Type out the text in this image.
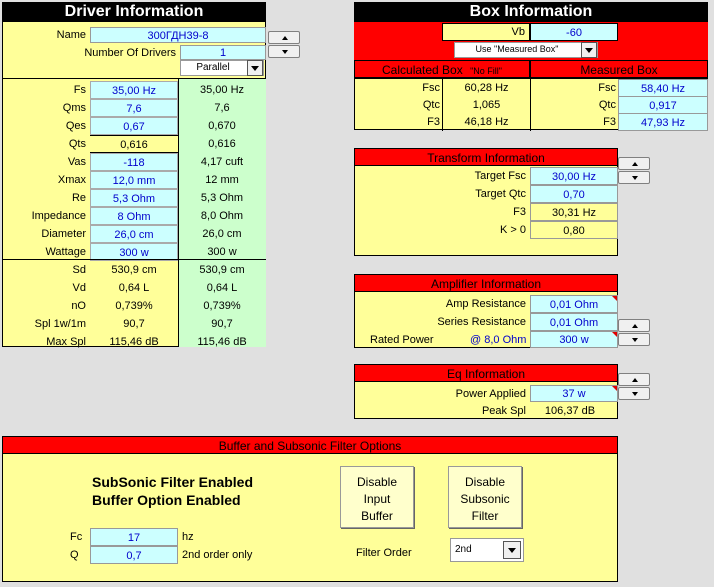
Driver Information
Name	300ГДН39-8
Number Of Drivers	1
Parallel
Fs	35,00 Hz	35,00 Hz
Qms	7,6	7,6
Qes	0,67	0,670
Qts	0,616	0,616
Vas	-118	4,17 cuft
Xmax	12,0 mm	12 mm
Re	5,3 Ohm	5,3 Ohm
Impedance	8 Ohm	8,0 Ohm
Diameter	26,0 cm	26,0 cm
Wattage	300 w	300 w
Sd	530,9 cm	530,9 cm
Vd	0,64 L	0,64 L
nO	0,739%	0,739%
Spl 1w/1m	90,7	90,7
Max Spl	115,46 dB	115,46 dB
Box Information
Vb	-60
Use "Measured Box"
Calculated Box "No Fill"	Measured Box
Fsc	60,28 Hz	Fsc	58,40 Hz
Qtc	1,065	Qtc	0,917
F3	46,18 Hz	F3	47,93 Hz
Transform Information
Target Fsc	30,00 Hz
Target Qtc	0,70
F3	30,31 Hz
K > 0	0,80
Amplifier Information
Amp Resistance	0,01 Ohm
Series Resistance	0,01 Ohm
Rated Power	@ 8,0 Ohm	300 w
Eq Information
Power Applied	37 w
Peak Spl	106,37 dB
Buffer and Subsonic Filter Options
SubSonic Filter Enabled
Buffer Option Enabled
Disable Input Buffer
Disable Subsonic Filter
Fc	17	hz
Q	0,7	2nd order only	Filter Order	2nd
